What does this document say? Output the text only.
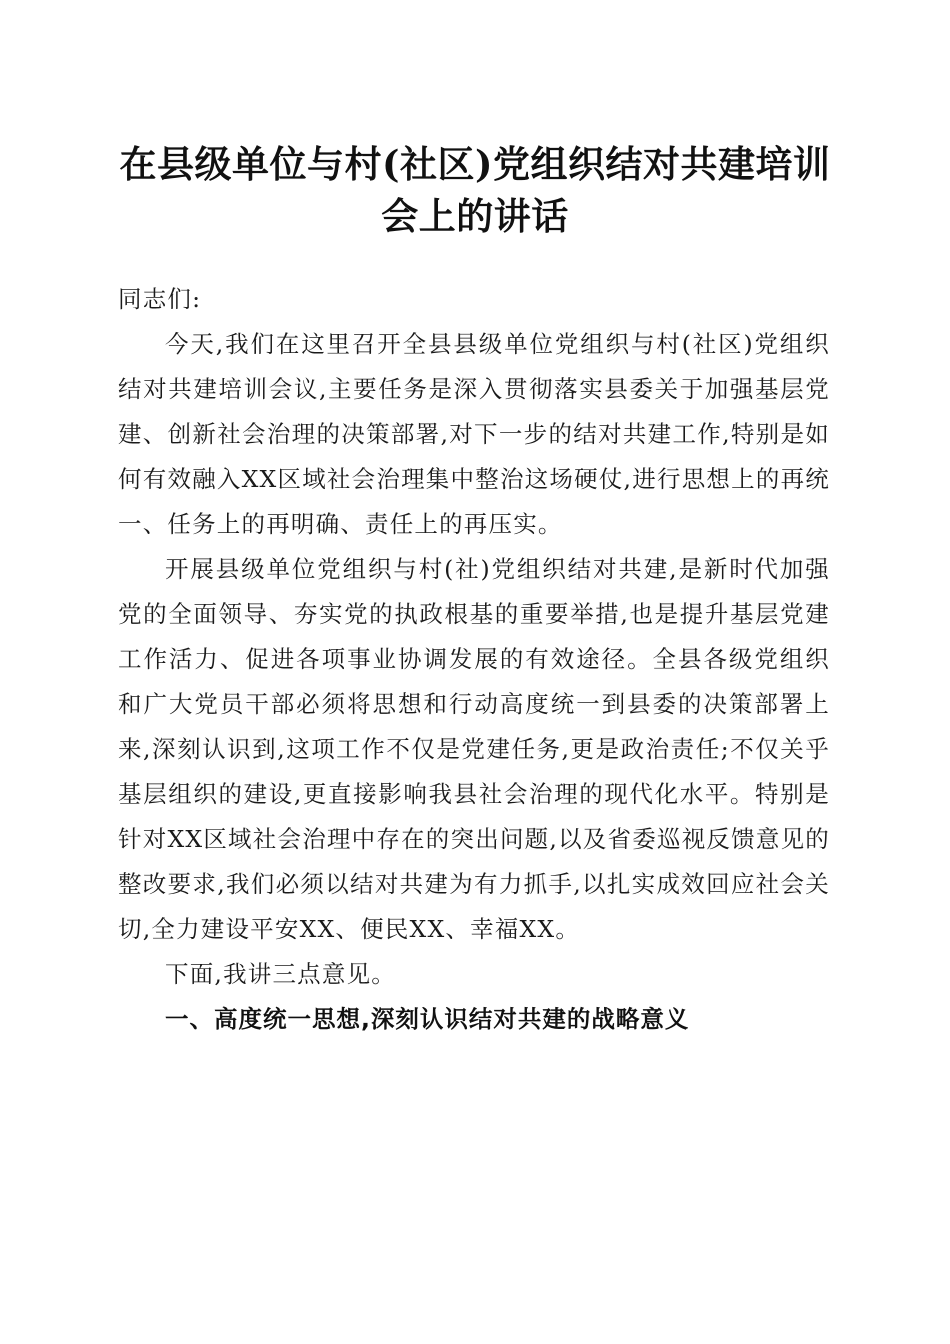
在县级单位与村(社区)党组织结对共建培训会上的讲话

同志们:

今天,我们在这里召开全县县级单位党组织与村(社区)党组织结对共建培训会议,主要任务是深入贯彻落实县委关于加强基层党建、创新社会治理的决策部署,对下一步的结对共建工作,特别是如何有效融入XX区域社会治理集中整治这场硬仗,进行思想上的再统一、任务上的再明确、责任上的再压实。

开展县级单位党组织与村(社)党组织结对共建,是新时代加强党的全面领导、夯实党的执政根基的重要举措,也是提升基层党建工作活力、促进各项事业协调发展的有效途径。全县各级党组织和广大党员干部必须将思想和行动高度统一到县委的决策部署上来,深刻认识到,这项工作不仅是党建任务,更是政治责任;不仅关乎基层组织的建设,更直接影响我县社会治理的现代化水平。特别是针对XX区域社会治理中存在的突出问题,以及省委巡视反馈意见的整改要求,我们必须以结对共建为有力抓手,以扎实成效回应社会关切,全力建设平安XX、便民XX、幸福XX。

下面,我讲三点意见。

一、高度统一思想,深刻认识结对共建的战略意义
